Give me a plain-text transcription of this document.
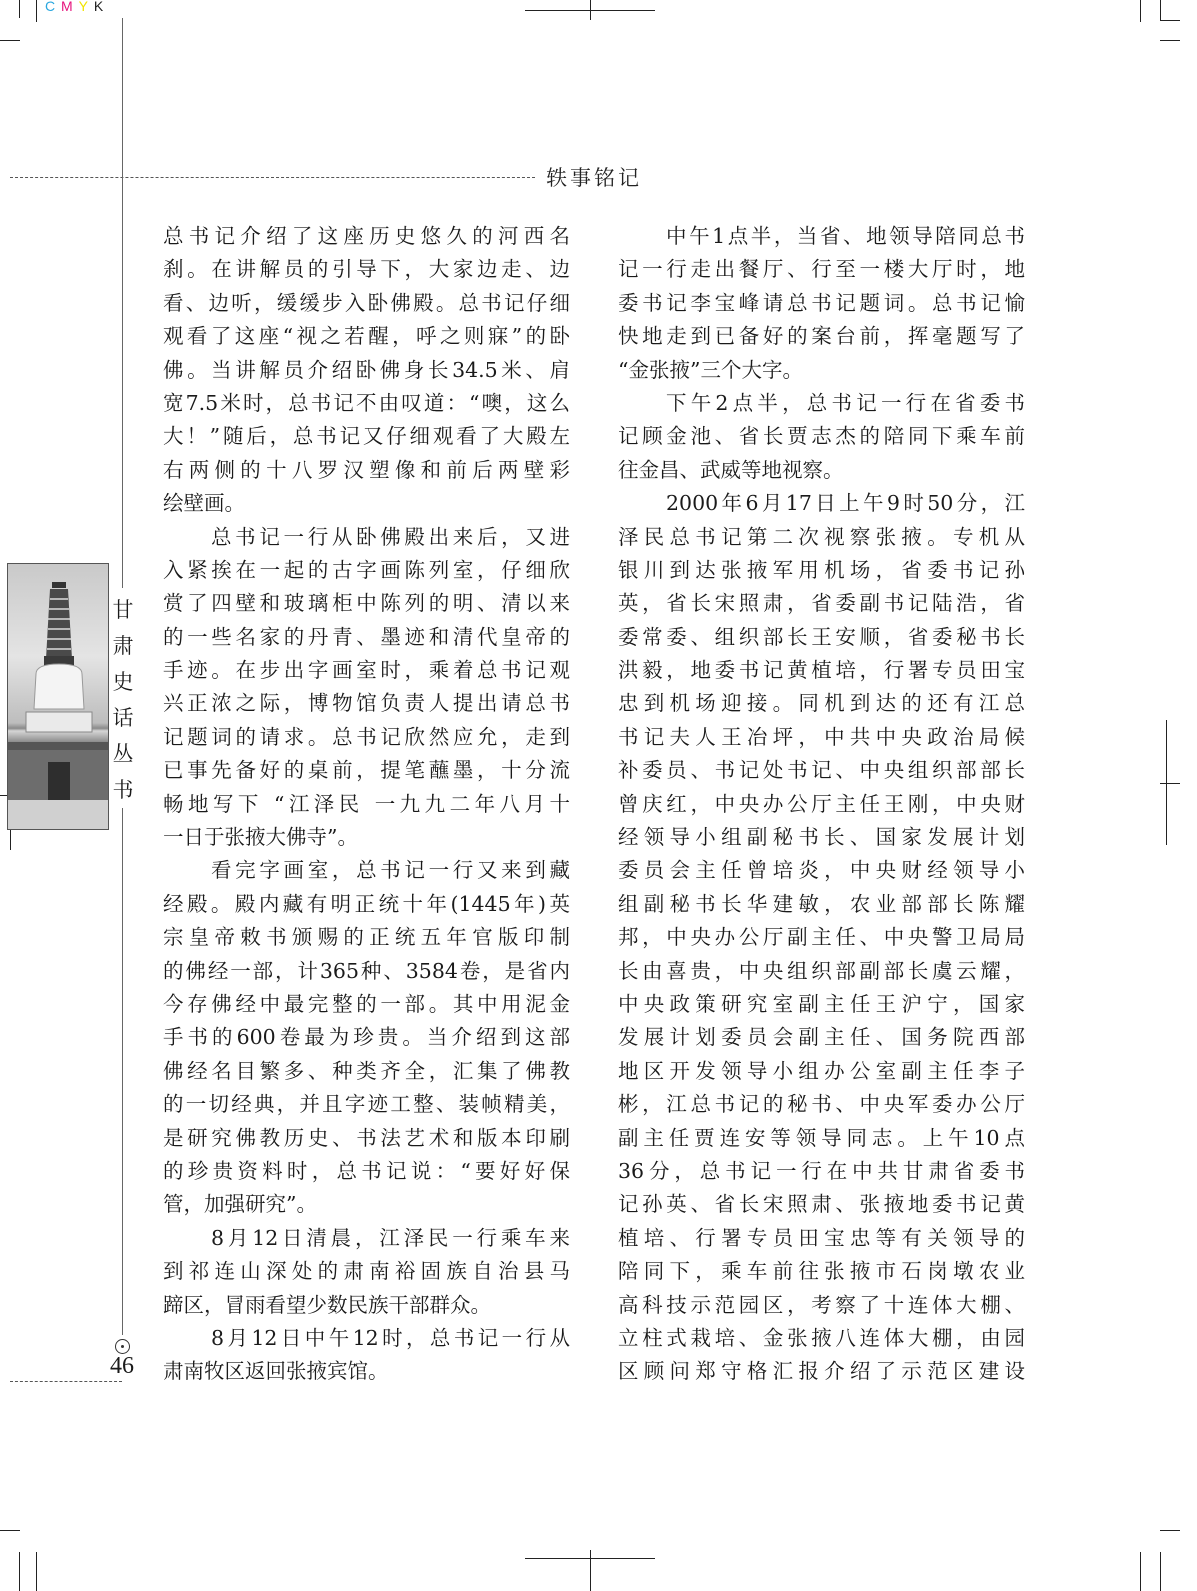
C M Y K
轶事铭记
甘
肃
史
话
丛
书
46
总书记介绍了这座历史悠久的河西名
刹。在讲解员的引导下，大家边走、边
看、边听，缓缓步入卧佛殿。总书记仔细
观看了这座“视之若醒，呼之则寐”的卧
佛。当讲解员介绍卧佛身长34.5米、肩
宽7.5米时，总书记不由叹道：“噢，这么
大！”随后，总书记又仔细观看了大殿左
右两侧的十八罗汉塑像和前后两壁彩
绘壁画。
总书记一行从卧佛殿出来后，又进
入紧挨在一起的古字画陈列室，仔细欣
赏了四壁和玻璃柜中陈列的明、清以来
的一些名家的丹青、墨迹和清代皇帝的
手迹。在步出字画室时，乘着总书记观
兴正浓之际，博物馆负责人提出请总书
记题词的请求。总书记欣然应允，走到
已事先备好的桌前，提笔蘸墨，十分流
畅地写下 “江泽民 一九九二年八月十
一日于张掖大佛寺”。
看完字画室，总书记一行又来到藏
经殿。殿内藏有明正统十年(1445年)英
宗皇帝敕书颁赐的正统五年官版印制
的佛经一部，计365种、3584卷，是省内
今存佛经中最完整的一部。其中用泥金
手书的600卷最为珍贵。当介绍到这部
佛经名目繁多、种类齐全，汇集了佛教
的一切经典，并且字迹工整、装帧精美，
是研究佛教历史、书法艺术和版本印刷
的珍贵资料时，总书记说：“要好好保
管，加强研究”。
8月12日清晨，江泽民一行乘车来
到祁连山深处的肃南裕固族自治县马
蹄区，冒雨看望少数民族干部群众。
8月12日中午12时，总书记一行从
肃南牧区返回张掖宾馆。
中午1点半，当省、地领导陪同总书
记一行走出餐厅、行至一楼大厅时，地
委书记李宝峰请总书记题词。总书记愉
快地走到已备好的案台前，挥毫题写了
“金张掖”三个大字。
下午2点半，总书记一行在省委书
记顾金池、省长贾志杰的陪同下乘车前
往金昌、武威等地视察。
2000年6月17日上午9时50分，江
泽民总书记第二次视察张掖。专机从
银川到达张掖军用机场，省委书记孙
英，省长宋照肃，省委副书记陆浩，省
委常委、组织部长王安顺，省委秘书长
洪毅，地委书记黄植培，行署专员田宝
忠到机场迎接。同机到达的还有江总
书记夫人王冶坪，中共中央政治局候
补委员、书记处书记、中央组织部部长
曾庆红，中央办公厅主任王刚，中央财
经领导小组副秘书长、国家发展计划
委员会主任曾培炎，中央财经领导小
组副秘书长华建敏，农业部部长陈耀
邦，中央办公厅副主任、中央警卫局局
长由喜贵，中央组织部副部长虞云耀，
中央政策研究室副主任王沪宁，国家
发展计划委员会副主任、国务院西部
地区开发领导小组办公室副主任李子
彬，江总书记的秘书、中央军委办公厅
副主任贾连安等领导同志。上午10点
36分，总书记一行在中共甘肃省委书
记孙英、省长宋照肃、张掖地委书记黄
植培、行署专员田宝忠等有关领导的
陪同下，乘车前往张掖市石岗墩农业
高科技示范园区，考察了十连体大棚、
立柱式栽培、金张掖八连体大棚，由园
区顾问郑守格汇报介绍了示范区建设
